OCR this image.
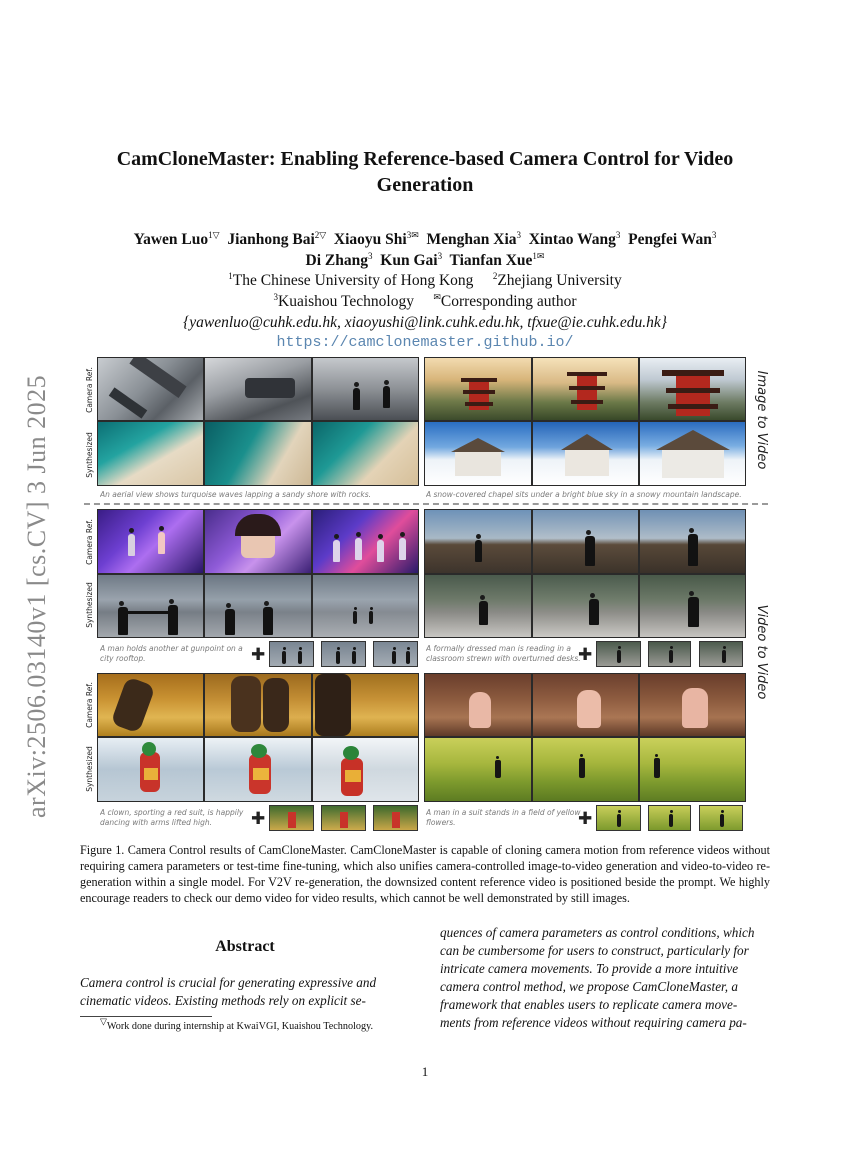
arXiv:2506.03140v1 [cs.CV] 3 Jun 2025
CamCloneMaster: Enabling Reference-based Camera Control for Video
Generation
Yawen Luo$^{1▽}$ Jianhong Bai$^{2▽}$ Xiaoyu Shi$^{3✉}$ Menghan Xia$^3$ Xintao Wang$^3$ Pengfei Wan$^3$
Di Zhang$^3$ Kun Gai$^3$ Tianfan Xue$^{1✉}$
$^1$The Chinese University of Hong Kong $^2$Zhejiang University
$^3$Kuaishou Technology ✉Corresponding author
{yawenluo@cuhk.edu.hk, xiaoyushi@link.cuhk.edu.hk, tfxue@ie.cuhk.edu.hk}
https://camclonemaster.github.io/
Camera Ref.
Synthesized
Camera Ref.
Synthesized
Camera Ref.
Synthesized
Image to Video
Video to Video
An aerial view shows turquoise waves lapping a sandy shore with rocks.	A snow-covered chapel sits under a bright blue sky in a snowy mountain landscape.
A man holds another at gunpoint on a
city rooftop.	✚	A formally dressed man is reading in a
classroom strewn with overturned desks.
✚
A clown, sporting a red suit, is happily
dancing with arms lifted high.	✚	A man in a suit stands in a field of yellow
flowers.	✚
Figure 1. Camera Control results of CamCloneMaster. CamCloneMaster is capable of cloning camera motion from reference videos without requiring camera parameters or test-time fine-tuning, which also unifies camera-controlled image-to-video generation and video-to-video re-generation within a single model. For V2V re-generation, the downsized content reference video is positioned beside the prompt. We highly encourage readers to check our demo video for video results, which cannot be well demonstrated by still images.
Abstract
Camera control is crucial for generating expressive and
cinematic videos. Existing methods rely on explicit se-
▽Work done during internship at KwaiVGI, Kuaishou Technology.
quences of camera parameters as control conditions, which
can be cumbersome for users to construct, particularly for
intricate camera movements. To provide a more intuitive
camera control method, we propose CamCloneMaster, a
framework that enables users to replicate camera move-
ments from reference videos without requiring camera pa-
1
